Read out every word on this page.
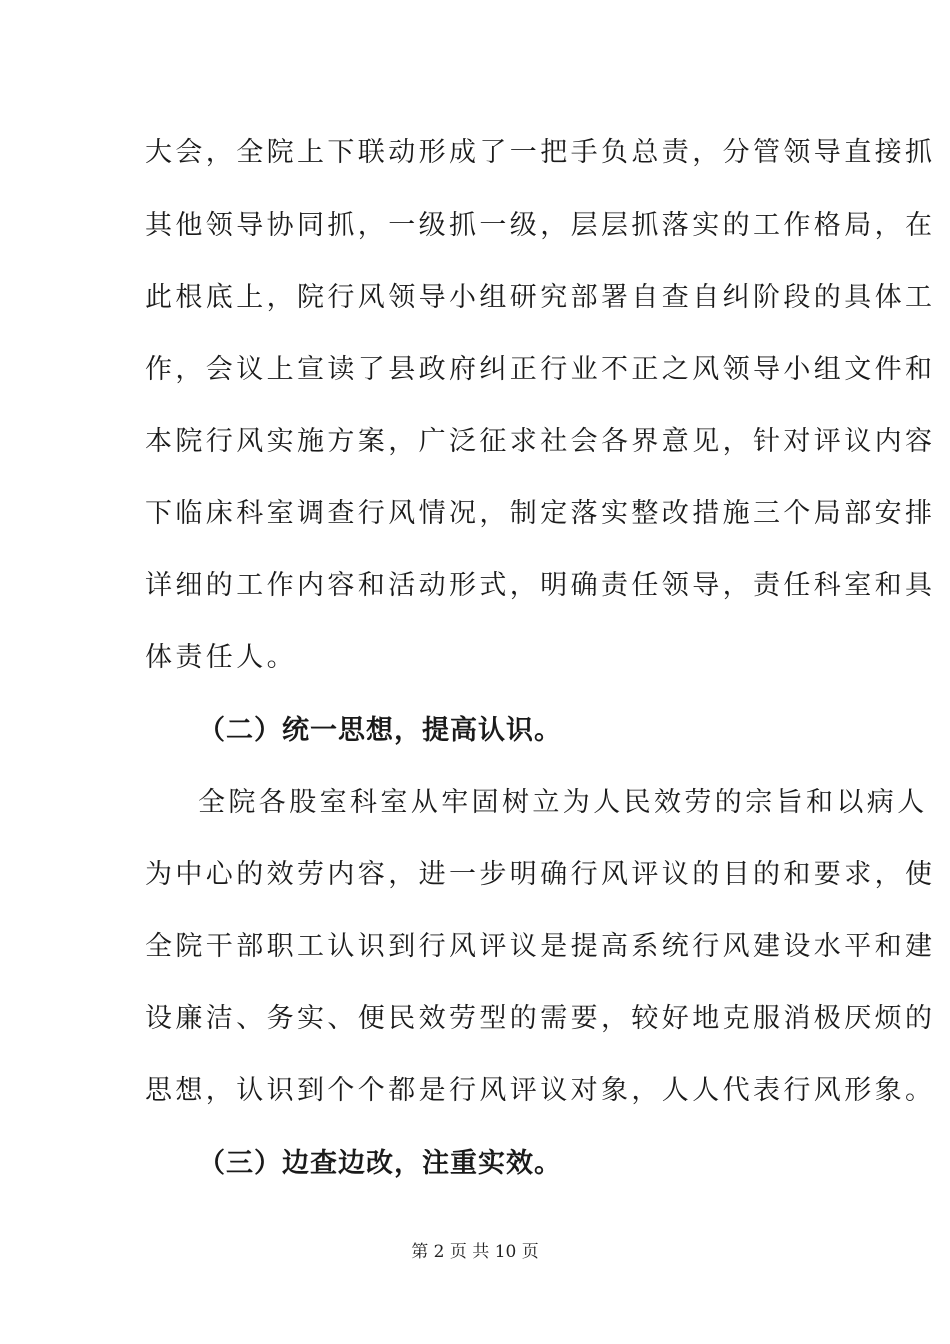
大会，全院上下联动形成了一把手负总责，分管领导直接抓
其他领导协同抓，一级抓一级，层层抓落实的工作格局，在
此根底上，院行风领导小组研究部署自查自纠阶段的具体工
作，会议上宣读了县政府纠正行业不正之风领导小组文件和
本院行风实施方案，广泛征求社会各界意见，针对评议内容
下临床科室调查行风情况，制定落实整改措施三个局部安排
详细的工作内容和活动形式，明确责任领导，责任科室和具
体责任人。
（二）统一思想，提高认识。
全院各股室科室从牢固树立为人民效劳的宗旨和以病人
为中心的效劳内容，进一步明确行风评议的目的和要求，使
全院干部职工认识到行风评议是提高系统行风建设水平和建
设廉洁、务实、便民效劳型的需要，较好地克服消极厌烦的
思想，认识到个个都是行风评议对象，人人代表行风形象。
（三）边查边改，注重实效。
第 2 页 共 10 页
